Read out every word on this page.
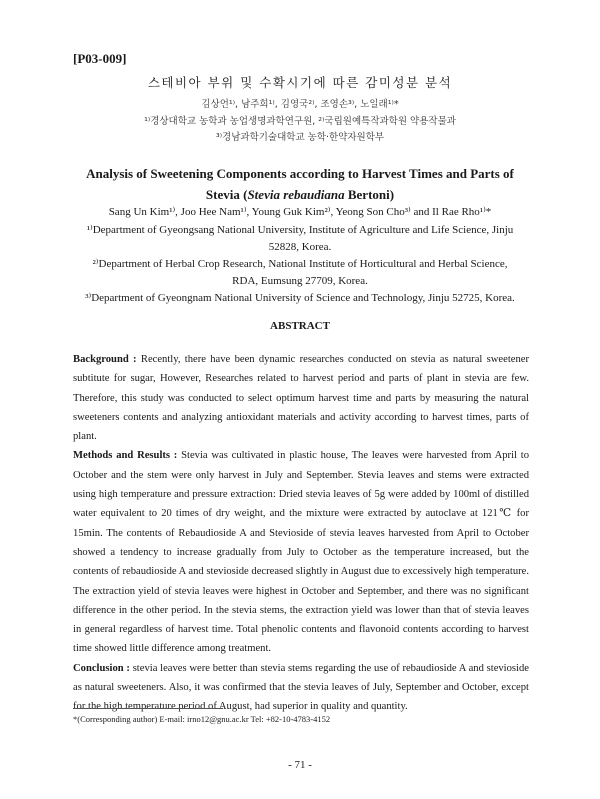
[P03-009]
스테비아 부위 및 수확시기에 따른 감미성분 분석
김상언¹⁾, 남주희¹⁾, 김영국²⁾, 조영손³⁾, 노일래¹⁾*
¹⁾경상대학교 농학과 농업생명과학연구원, ²⁾국립원예특작과학원 약용작물과
³⁾경남과학기술대학교 농학·한약자원학부
Analysis of Sweetening Components according to Harvest Times and Parts of
Stevia (Stevia rebaudiana Bertoni)
Sang Un Kim¹⁾, Joo Hee Nam¹⁾, Young Guk Kim²⁾, Yeong Son Cho³⁾ and Il Rae Rho¹⁾*
¹⁾Department of Gyeongsang National University, Institute of Agriculture and Life Science, Jinju
52828, Korea.
²⁾Department of Herbal Crop Research, National Institute of Horticultural and Herbal Science,
RDA, Eumsung 27709, Korea.
³⁾Department of Gyeongnam National University of Science and Technology, Jinju 52725, Korea.
ABSTRACT

Background : Recently, there have been dynamic researches conducted on stevia as natural sweetener subtitute for sugar, However, Researches related to harvest period and parts of plant in stevia are few. Therefore, this study was conducted to select optimum harvest time and parts by measuring the natural sweeteners contents and analyzing antioxidant materials and activity according to harvest times, parts of plant.

Methods and Results : Stevia was cultivated in plastic house, The leaves were harvested from April to October and the stem were only harvest in July and September. Stevia leaves and stems were extracted using high temperature and pressure extraction: Dried stevia leaves of 5g were added by 100ml of distilled water equivalent to 20 times of dry weight, and the mixture were extracted by autoclave at 121℃ for 15min. The contents of Rebaudioside A and Stevioside of stevia leaves harvested from April to October showed a tendency to increase gradually from July to October as the temperature increased, but the contents of rebaudioside A and stevioside decreased slightly in August due to excessively high temperature. The extraction yield of stevia leaves were highest in October and September, and there was no significant difference in the other period. In the stevia stems, the extraction yield was lower than that of stevia leaves in general regardless of harvest time. Total phenolic contents and flavonoid contents according to harvest time showed little difference among treatment.

Conclusion : stevia leaves were better than stevia stems regarding the use of rebaudioside A and stevioside as natural sweeteners. Also, it was confirmed that the stevia leaves of July, September and October, except for the high temperature period of August, had superior in quality and quantity.

*(Corresponding author) E-mail: irno12@gnu.ac.kr Tel: +82-10-4783-4152
- 71 -
